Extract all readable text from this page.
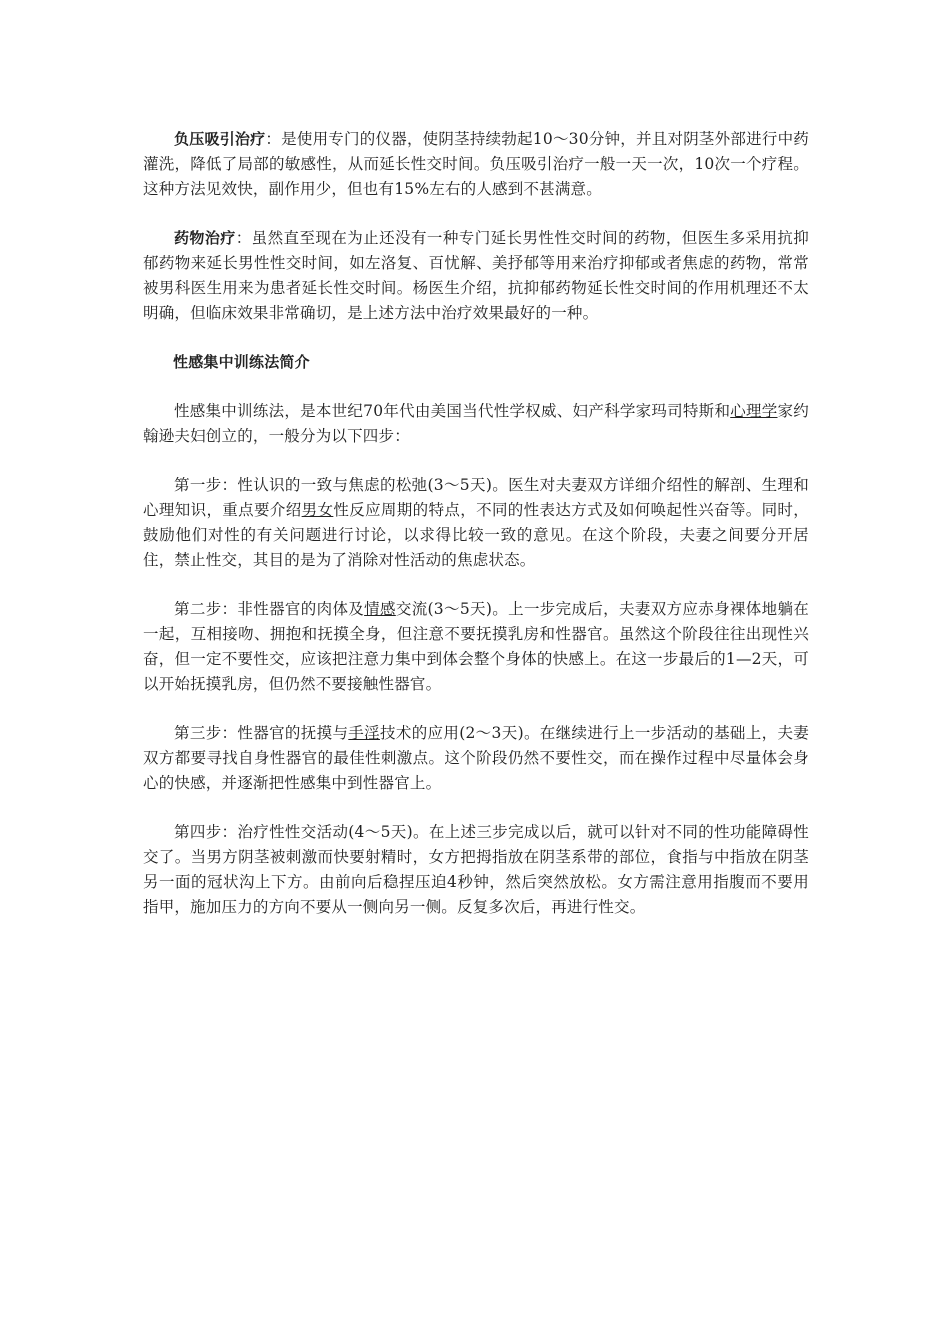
负压吸引治疗：是使用专门的仪器，使阴茎持续勃起10～30分钟，并且对阴茎外部进行中药灌洗，降低了局部的敏感性，从而延长性交时间。负压吸引治疗一般一天一次，10次一个疗程。这种方法见效快，副作用少，但也有15%左右的人感到不甚满意。

药物治疗：虽然直至现在为止还没有一种专门延长男性性交时间的药物，但医生多采用抗抑郁药物来延长男性性交时间，如左洛复、百忧解、美抒郁等用来治疗抑郁或者焦虑的药物，常常被男科医生用来为患者延长性交时间。杨医生介绍，抗抑郁药物延长性交时间的作用机理还不太明确，但临床效果非常确切，是上述方法中治疗效果最好的一种。

性感集中训练法简介

性感集中训练法，是本世纪70年代由美国当代性学权威、妇产科学家玛司特斯和心理学家约翰逊夫妇创立的，一般分为以下四步：

第一步：性认识的一致与焦虑的松弛(3～5天)。医生对夫妻双方详细介绍性的解剖、生理和心理知识，重点要介绍男女性反应周期的特点，不同的性表达方式及如何唤起性兴奋等。同时，鼓励他们对性的有关问题进行讨论，以求得比较一致的意见。在这个阶段，夫妻之间要分开居住，禁止性交，其目的是为了消除对性活动的焦虑状态。

第二步：非性器官的肉体及情感交流(3～5天)。上一步完成后，夫妻双方应赤身裸体地躺在一起，互相接吻、拥抱和抚摸全身，但注意不要抚摸乳房和性器官。虽然这个阶段往往出现性兴奋，但一定不要性交，应该把注意力集中到体会整个身体的快感上。在这一步最后的1—2天，可以开始抚摸乳房，但仍然不要接触性器官。

第三步：性器官的抚摸与手淫技术的应用(2～3天)。在继续进行上一步活动的基础上，夫妻双方都要寻找自身性器官的最佳性刺激点。这个阶段仍然不要性交，而在操作过程中尽量体会身心的快感，并逐渐把性感集中到性器官上。

第四步：治疗性性交活动(4～5天)。在上述三步完成以后，就可以针对不同的性功能障碍性交了。当男方阴茎被刺激而快要射精时，女方把拇指放在阴茎系带的部位，食指与中指放在阴茎另一面的冠状沟上下方。由前向后稳捏压迫4秒钟，然后突然放松。女方需注意用指腹而不要用指甲，施加压力的方向不要从一侧向另一侧。反复多次后，再进行性交。
